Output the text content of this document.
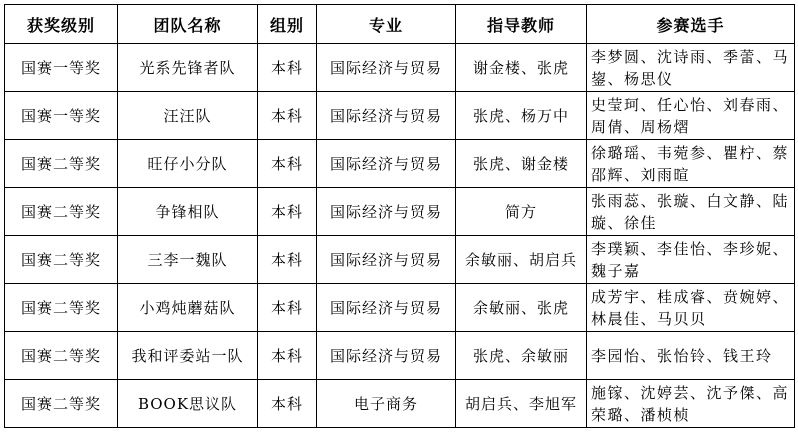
获奖级别	团队名称	组别	专业	指导教师	参赛选手
国赛一等奖	光系先锋者队	本科	国际经济与贸易	谢金楼、张虎	李梦圆、沈诗雨、季蕾、马鋆、杨思仪
国赛一等奖	汪汪队	本科	国际经济与贸易	张虎、杨万中	史莹珂、任心怡、刘春雨、周倩、周杨熠
国赛二等奖	旺仔小分队	本科	国际经济与贸易	张虎、谢金楼	徐璐瑶、韦菀参、瞿柠、蔡邵辉、刘雨暄
国赛二等奖	争锋相队	本科	国际经济与贸易	简方	张雨蕊、张璇、白文静、陆璇、徐佳
国赛二等奖	三李一魏队	本科	国际经济与贸易	余敏丽、胡启兵	李璞颖、李佳怡、李珍妮、魏子嘉
国赛二等奖	小鸡炖蘑菇队	本科	国际经济与贸易	余敏丽、张虎	成芳宇、桂成睿、贲婉婷、林晨佳、马贝贝
国赛二等奖	我和评委站一队	本科	国际经济与贸易	张虎、余敏丽	李园怡、张怡铃、钱王玲
国赛二等奖	BOOK思议队	本科	电子商务	胡启兵、李旭军	施镓、沈婷芸、沈予傑、高荣璐、潘桢桢
